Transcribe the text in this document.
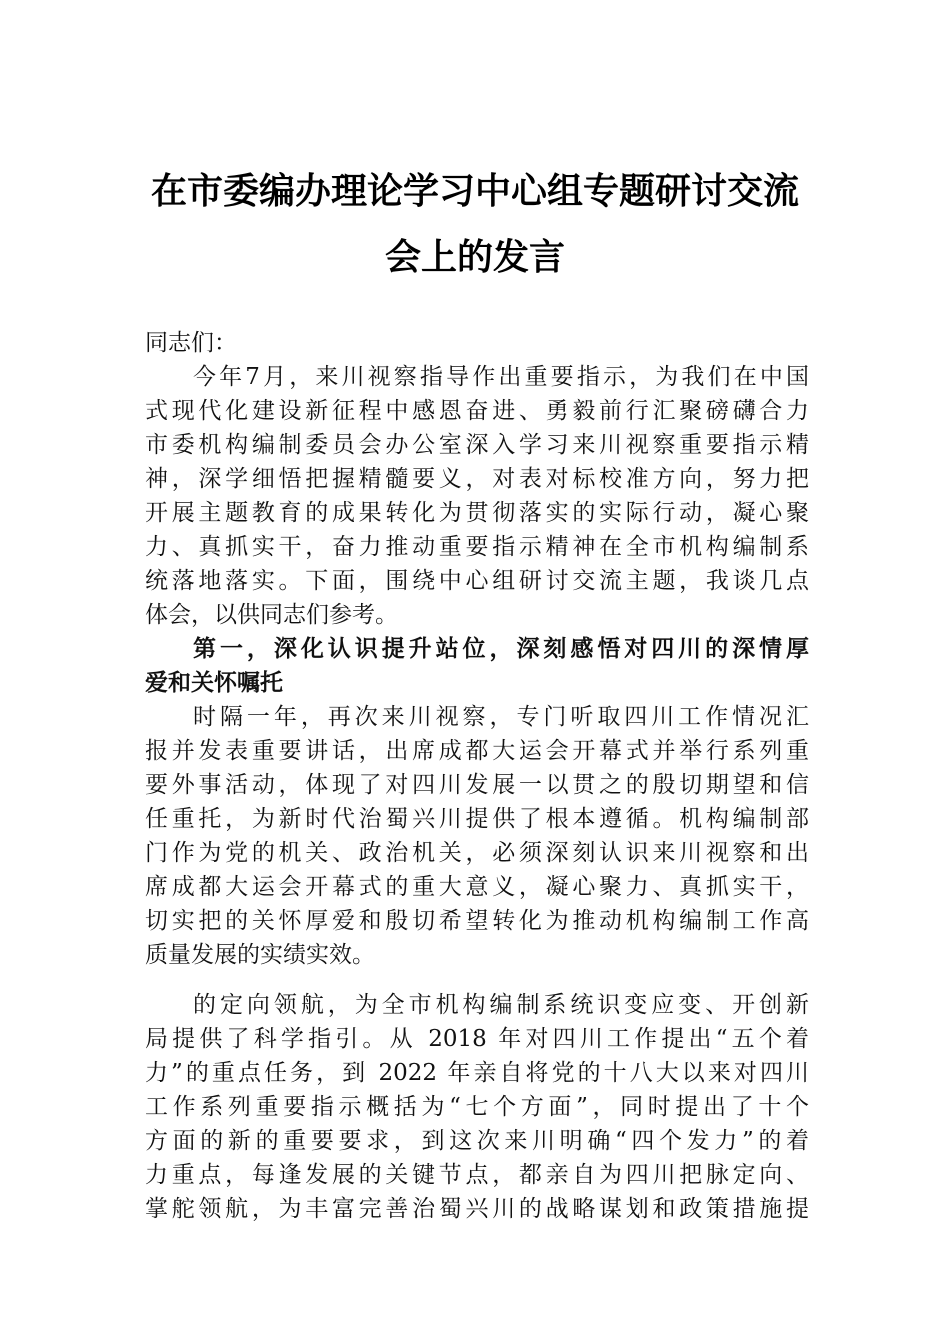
在市委编办理论学习中心组专题研讨交流
会上的发言
同志们：
今年7月，来川视察指导作出重要指示，为我们在中国
式现代化建设新征程中感恩奋进、勇毅前行汇聚磅礴合力
市委机构编制委员会办公室深入学习来川视察重要指示精
神，深学细悟把握精髓要义，对表对标校准方向，努力把
开展主题教育的成果转化为贯彻落实的实际行动，凝心聚
力、真抓实干，奋力推动重要指示精神在全市机构编制系
统落地落实。下面，围绕中心组研讨交流主题，我谈几点
体会，以供同志们参考。
第一，深化认识提升站位，深刻感悟对四川的深情厚
爱和关怀嘱托
时隔一年，再次来川视察，专门听取四川工作情况汇
报并发表重要讲话，出席成都大运会开幕式并举行系列重
要外事活动，体现了对四川发展一以贯之的殷切期望和信
任重托，为新时代治蜀兴川提供了根本遵循。机构编制部
门作为党的机关、政治机关，必须深刻认识来川视察和出
席成都大运会开幕式的重大意义，凝心聚力、真抓实干，
切实把的关怀厚爱和殷切希望转化为推动机构编制工作高
质量发展的实绩实效。
的定向领航，为全市机构编制系统识变应变、开创新
局提供了科学指引。从 2018 年对四川工作提出“五个着
力”的重点任务，到 2022 年亲自将党的十八大以来对四川
工作系列重要指示概括为“七个方面”，同时提出了十个
方面的新的重要要求，到这次来川明确“四个发力”的着
力重点，每逢发展的关键节点，都亲自为四川把脉定向、
掌舵领航，为丰富完善治蜀兴川的战略谋划和政策措施提
